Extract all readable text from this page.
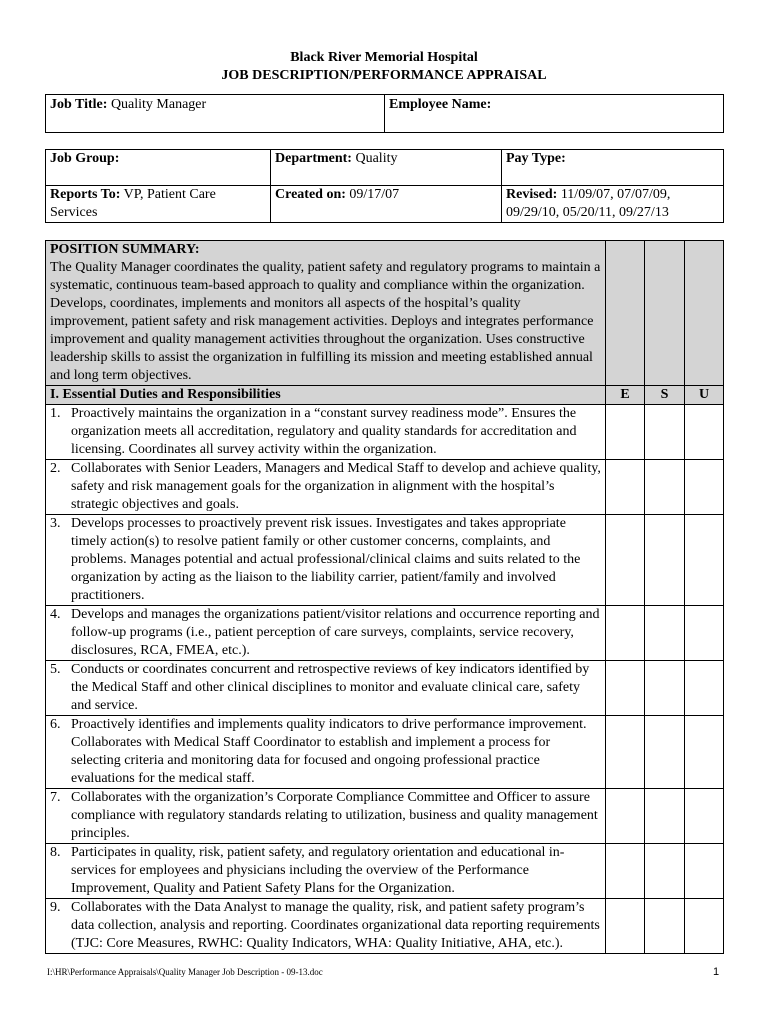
Black River Memorial Hospital
JOB DESCRIPTION/PERFORMANCE APPRAISAL
Job Title: Quality Manager	Employee Name:
Job Group:	Department: Quality	Pay Type:
Reports To: VP, Patient Care Services	Created on: 09/17/07	Revised: 11/09/07, 07/07/09, 09/29/10, 05/20/11, 09/27/13
POSITION SUMMARY:
The Quality Manager coordinates the quality, patient safety and regulatory programs to maintain a systematic, continuous team-based approach to quality and compliance within the organization. Develops, coordinates, implements and monitors all aspects of the hospital’s quality improvement, patient safety and risk management activities. Deploys and integrates performance improvement and quality management activities throughout the organization. Uses constructive leadership skills to assist the organization in fulfilling its mission and meeting established annual and long term objectives.			

I. Essential Duties and Responsibilities	E	S	U

1. Proactively maintains the organization in a “constant survey readiness mode”. Ensures the organization meets all accreditation, regulatory and quality standards for accreditation and licensing. Coordinates all survey activity within the organization.			

2. Collaborates with Senior Leaders, Managers and Medical Staff to develop and achieve quality, safety and risk management goals for the organization in alignment with the hospital’s strategic objectives and goals.			

3. Develops processes to proactively prevent risk issues. Investigates and takes appropriate timely action(s) to resolve patient family or other customer concerns, complaints, and problems. Manages potential and actual professional/clinical claims and suits related to the organization by acting as the liaison to the liability carrier, patient/family and involved practitioners.			

4. Develops and manages the organizations patient/visitor relations and occurrence reporting and follow-up programs (i.e., patient perception of care surveys, complaints, service recovery, disclosures, RCA, FMEA, etc.).			

5. Conducts or coordinates concurrent and retrospective reviews of key indicators identified by the Medical Staff and other clinical disciplines to monitor and evaluate clinical care, safety and service.			

6. Proactively identifies and implements quality indicators to drive performance improvement. Collaborates with Medical Staff Coordinator to establish and implement a process for selecting criteria and monitoring data for focused and ongoing professional practice evaluations for the medical staff.			

7. Collaborates with the organization’s Corporate Compliance Committee and Officer to assure compliance with regulatory standards relating to utilization, business and quality management principles.			

8. Participates in quality, risk, patient safety, and regulatory orientation and educational in-services for employees and physicians including the overview of the Performance Improvement, Quality and Patient Safety Plans for the Organization.			

9. Collaborates with the Data Analyst to manage the quality, risk, and patient safety program’s data collection, analysis and reporting. Coordinates organizational data reporting requirements (TJC: Core Measures, RWHC: Quality Indicators, WHA: Quality Initiative, AHA, etc.).			

I:\HR\Performance Appraisals\Quality Manager Job Description - 09-13.doc	1
